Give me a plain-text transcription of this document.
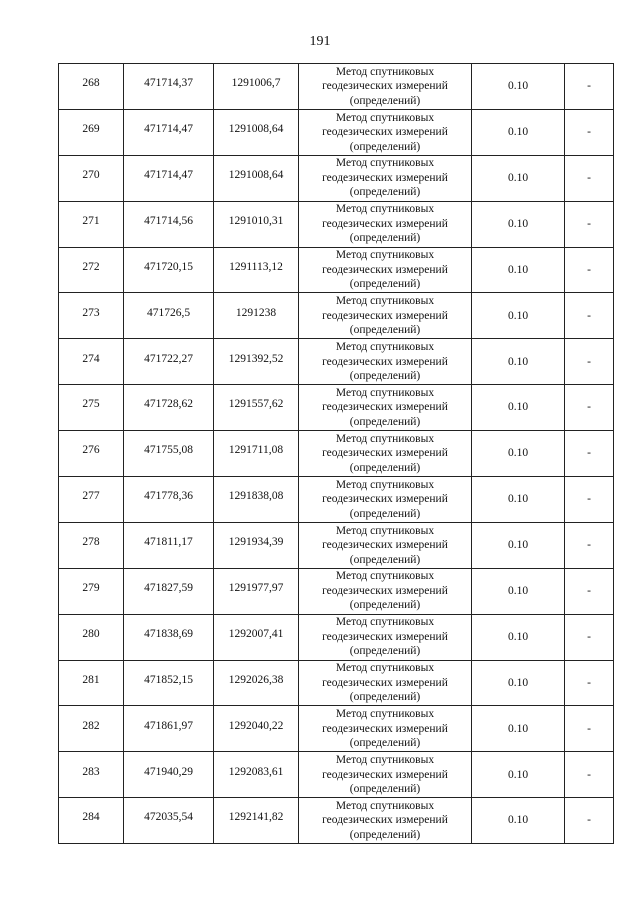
191
268	471714,37	1291006,7	Метод спутниковых
геодезических измерений
(определений)	0.10	-
269	471714,47	1291008,64	Метод спутниковых
геодезических измерений
(определений)	0.10	-
270	471714,47	1291008,64	Метод спутниковых
геодезических измерений
(определений)	0.10	-
271	471714,56	1291010,31	Метод спутниковых
геодезических измерений
(определений)	0.10	-
272	471720,15	1291113,12	Метод спутниковых
геодезических измерений
(определений)	0.10	-
273	471726,5	1291238	Метод спутниковых
геодезических измерений
(определений)	0.10	-
274	471722,27	1291392,52	Метод спутниковых
геодезических измерений
(определений)	0.10	-
275	471728,62	1291557,62	Метод спутниковых
геодезических измерений
(определений)	0.10	-
276	471755,08	1291711,08	Метод спутниковых
геодезических измерений
(определений)	0.10	-
277	471778,36	1291838,08	Метод спутниковых
геодезических измерений
(определений)	0.10	-
278	471811,17	1291934,39	Метод спутниковых
геодезических измерений
(определений)	0.10	-
279	471827,59	1291977,97	Метод спутниковых
геодезических измерений
(определений)	0.10	-
280	471838,69	1292007,41	Метод спутниковых
геодезических измерений
(определений)	0.10	-
281	471852,15	1292026,38	Метод спутниковых
геодезических измерений
(определений)	0.10	-
282	471861,97	1292040,22	Метод спутниковых
геодезических измерений
(определений)	0.10	-
283	471940,29	1292083,61	Метод спутниковых
геодезических измерений
(определений)	0.10	-
284	472035,54	1292141,82	Метод спутниковых
геодезических измерений
(определений)	0.10	-
